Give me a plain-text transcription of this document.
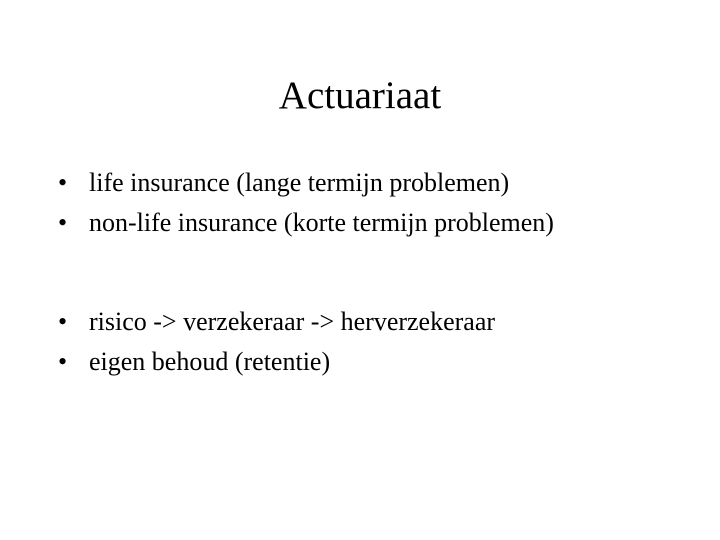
Actuariaat
• life insurance (lange termijn problemen)
• non-life insurance (korte termijn problemen)
• risico -> verzekeraar -> herverzekeraar
• eigen behoud (retentie)
